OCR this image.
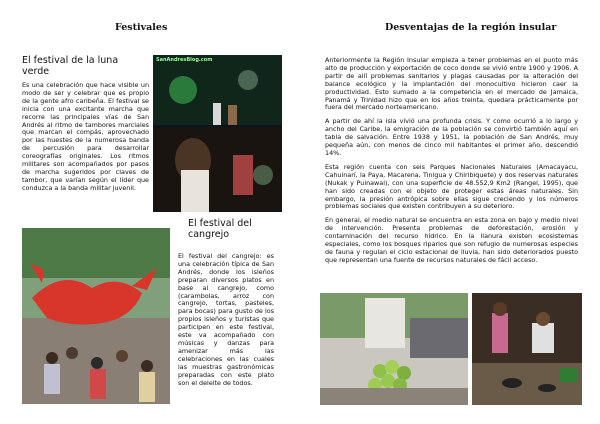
Festivales
El festival de la luna verde
Es una celebración que hace visible un modo de ser y celebrar que es propio de la gente afro caribeña. El festival se inicia con una excitante marcha que recorre las principales vías de San Andrés al ritmo de tambores marciales que marcan el compás, aprovechado por las huestes de la numerosa banda de percusión para desarrollar coreografías originales. Los ritmos militares son acompañados por pasos de marcha sugeridos por claves de tambor, que varían según el líder que conduzca a la banda militar juvenil.
SanAndresBlog.com
El festival del cangrejo
El festival del cangrejo: es una celebración típica de San Andrés, donde los isleños preparan diversos platos en base al cangrejo, como (carambolas, arroz con cangrejo, tortas, pasteles, para bocas) para gusto de los propios isleños y turistas que participen en este festival, este va acompañado con músicas y danzas para amenizar más las celebraciones en las cuales las muestras gastronómicas preparadas con este plato son el deleite de todos.
Desventajas de la región insular

Anteriormente la Región Insular empieza a tener problemas en el punto más alto de producción y exportación de coco donde se vivió entre 1900 y 1906. A partir de allí problemas sanitarios y plagas causadas por la alteración del balance ecológico y la implantación del monocultivo hicieron caer la productividad. Esto sumado a la competencia en el mercado de Jamaica, Panamá y Trinidad hizo que en los años treinta, quedara prácticamente por fuera del mercado norteamericano.

A partir de ahí la isla vivió una profunda crisis. Y como ocurrió a lo largo y ancho del Caribe, la emigración de la población se convirtió también aquí en tabla de salvación. Entre 1938 y 1951, la población de San Andrés, muy pequeña aún, con menos de cinco mil habitantes el primer año, descendió 14%.

Esta región cuenta con seis Parques Nacionales Naturales (Amacayacu, Cahuinarí, la Paya, Macarena, Tinigua y Chiribiquete) y dos reservas naturales (Nukak y Puinawai), con una superficie de 48.552,9 Km2 (Rangel, 1995), que han sido creadas con el objeto de proteger estas áreas naturales. Sin embargo, la presión antrópica sobre ellas sigue creciendo y los números problemas sociales que existen contribuyen a su deterioro.

En general, el medio natural se encuentra en esta zona en bajo y medio nivel de intervención. Presenta problemas de deforestación, erosión y contaminación del recurso hídrico. En la llanura existen ecosistemas especiales, como los bosques riparios que son refugio de numerosas especies de fauna y regulan el ciclo estacional de lluvia, han sido deteriorados puesto que representan una fuente de recursos naturales de fácil acceso.
